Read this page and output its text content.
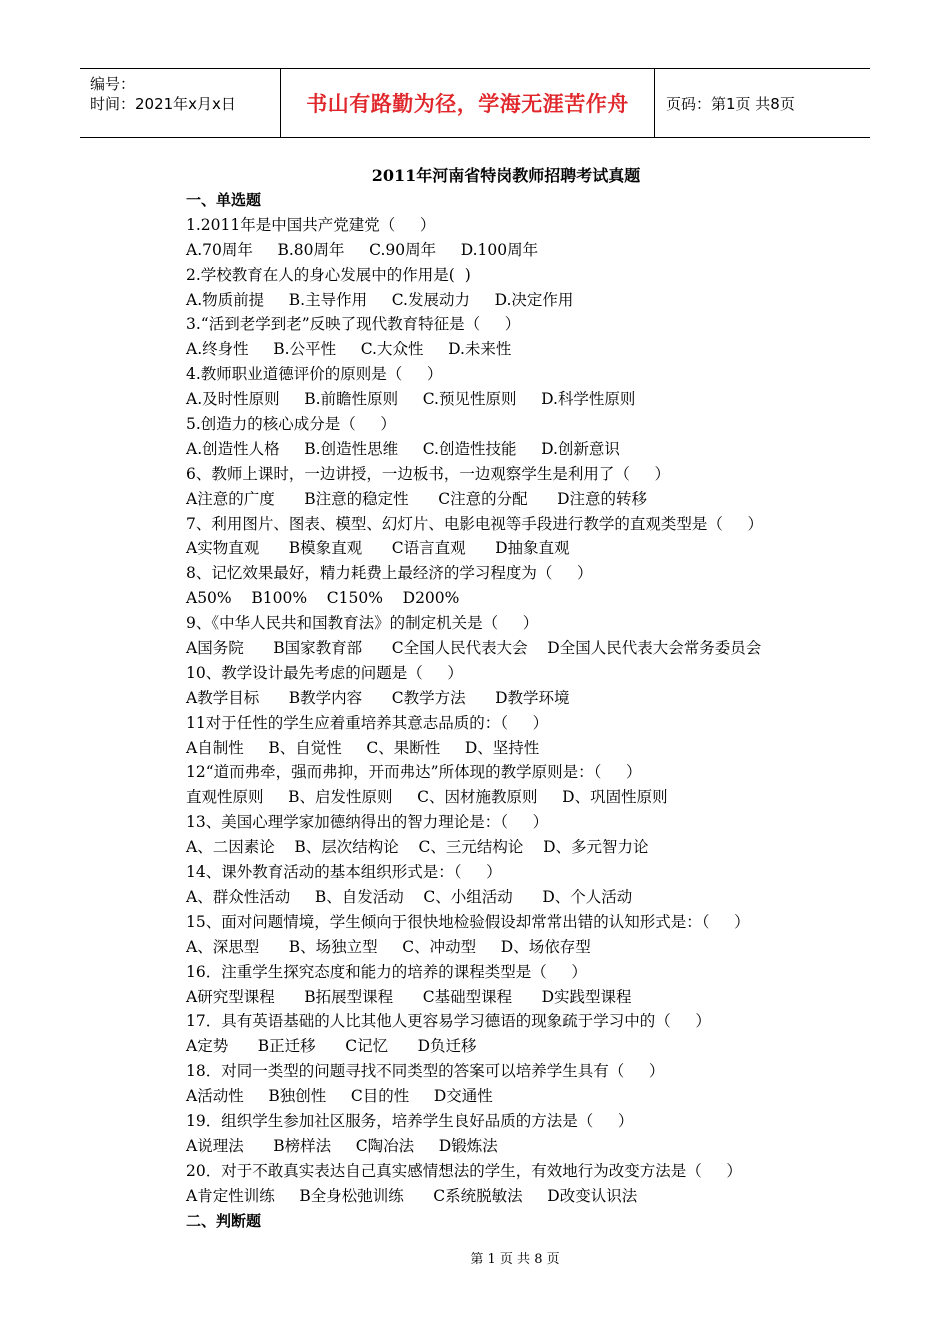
编号：
时间：2021年x月x日	书山有路勤为径，学海无涯苦作舟	页码：第1页 共8页
2011年河南省特岗教师招聘考试真题
一、单选题
1.2011年是中国共产党建党（     ）
A.70周年     B.80周年     C.90周年     D.100周年
2.学校教育在人的身心发展中的作用是(  )
A.物质前提     B.主导作用     C.发展动力     D.决定作用
3.“活到老学到老”反映了现代教育特征是（     ）
A.终身性     B.公平性     C.大众性     D.未来性
4.教师职业道德评价的原则是（     ）
A.及时性原则     B.前瞻性原则     C.预见性原则     D.科学性原则
5.创造力的核心成分是（     ）
A.创造性人格     B.创造性思维     C.创造性技能     D.创新意识
6、教师上课时，一边讲授，一边板书，一边观察学生是利用了（     ）
A注意的广度      B注意的稳定性      C注意的分配      D注意的转移
7、利用图片、图表、模型、幻灯片、电影电视等手段进行教学的直观类型是（     ）
A实物直观      B模象直观      C语言直观      D抽象直观
8、记忆效果最好，精力耗费上最经济的学习程度为（     ）
A50%    B100%    C150%    D200%
9、《中华人民共和国教育法》的制定机关是（     ）
A国务院      B国家教育部      C全国人民代表大会    D全国人民代表大会常务委员会
10、教学设计最先考虑的问题是（     ）
A教学目标      B教学内容      C教学方法      D教学环境
11对于任性的学生应着重培养其意志品质的：（     ）
A自制性     B、自觉性     C、果断性     D、坚持性
12“道而弗牵，强而弗抑，开而弗达”所体现的教学原则是：（     ）
直观性原则     B、启发性原则     C、因材施教原则     D、巩固性原则
13、美国心理学家加德纳得出的智力理论是：（     ）
A、二因素论    B、层次结构论    C、三元结构论    D、多元智力论
14、课外教育活动的基本组织形式是：（     ）
A、群众性活动     B、自发活动    C、小组活动      D、个人活动
15、面对问题情境，学生倾向于很快地检验假设却常常出错的认知形式是：（     ）
A、深思型      B、场独立型     C、冲动型     D、场依存型
16．注重学生探究态度和能力的培养的课程类型是（     ）
A研究型课程      B拓展型课程      C基础型课程      D实践型课程
17．具有英语基础的人比其他人更容易学习德语的现象疏于学习中的（     ）
A定势      B正迁移      C记忆      D负迁移
18．对同一类型的问题寻找不同类型的答案可以培养学生具有（     ）
A活动性     B独创性     C目的性     D交通性
19．组织学生参加社区服务，培养学生良好品质的方法是（     ）
A说理法      B榜样法     C陶冶法     D锻炼法
20．对于不敢真实表达自己真实感情想法的学生，有效地行为改变方法是（     ）
A肯定性训练     B全身松弛训练      C系统脱敏法     D改变认识法
二、判断题
第 1 页 共 8 页
